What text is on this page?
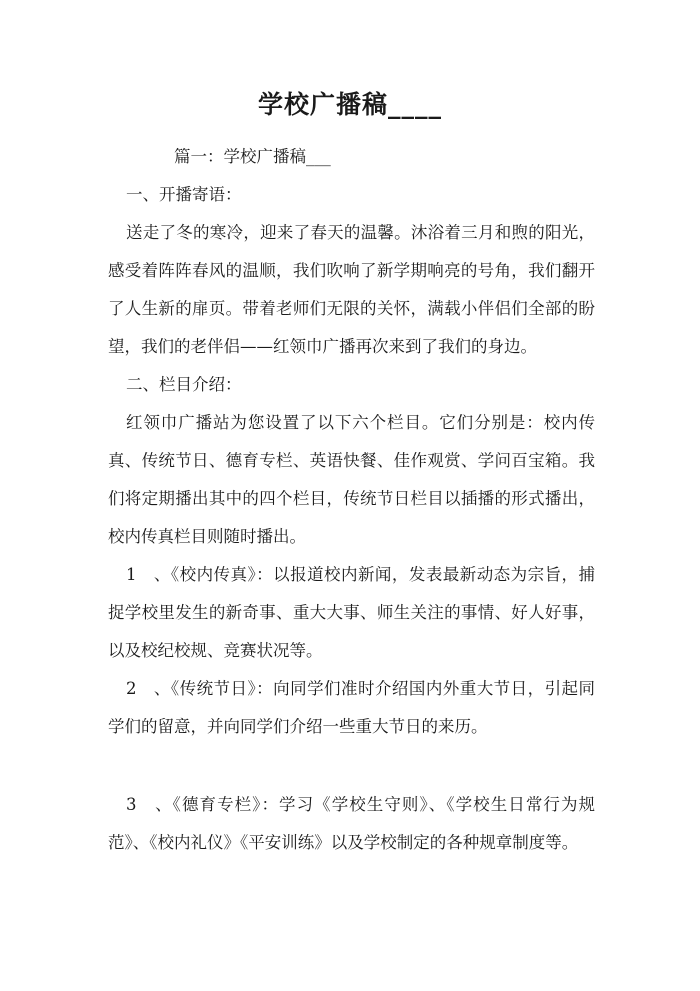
学校广播稿____

篇一：学校广播稿___

一、开播寄语：

送走了冬的寒冷，迎来了春天的温馨。沐浴着三月和煦的阳光，感受着阵阵春风的温顺，我们吹响了新学期响亮的号角，我们翻开了人生新的扉页。带着老师们无限的关怀，满载小伴侣们全部的盼望，我们的老伴侣——红领巾广播再次来到了我们的身边。

二、栏目介绍：

红领巾广播站为您设置了以下六个栏目。它们分别是：校内传真、传统节日、德育专栏、英语快餐、佳作观赏、学问百宝箱。我们将定期播出其中的四个栏目，传统节日栏目以插播的形式播出，校内传真栏目则随时播出。

1　、《校内传真》：以报道校内新闻，发表最新动态为宗旨，捕捉学校里发生的新奇事、重大大事、师生关注的事情、好人好事，以及校纪校规、竞赛状况等。

2　、《传统节日》：向同学们准时介绍国内外重大节日，引起同学们的留意，并向同学们介绍一些重大节日的来历。

3　、《德育专栏》：学习《学校生守则》、《学校生日常行为规范》、《校内礼仪》《平安训练》以及学校制定的各种规章制度等。
